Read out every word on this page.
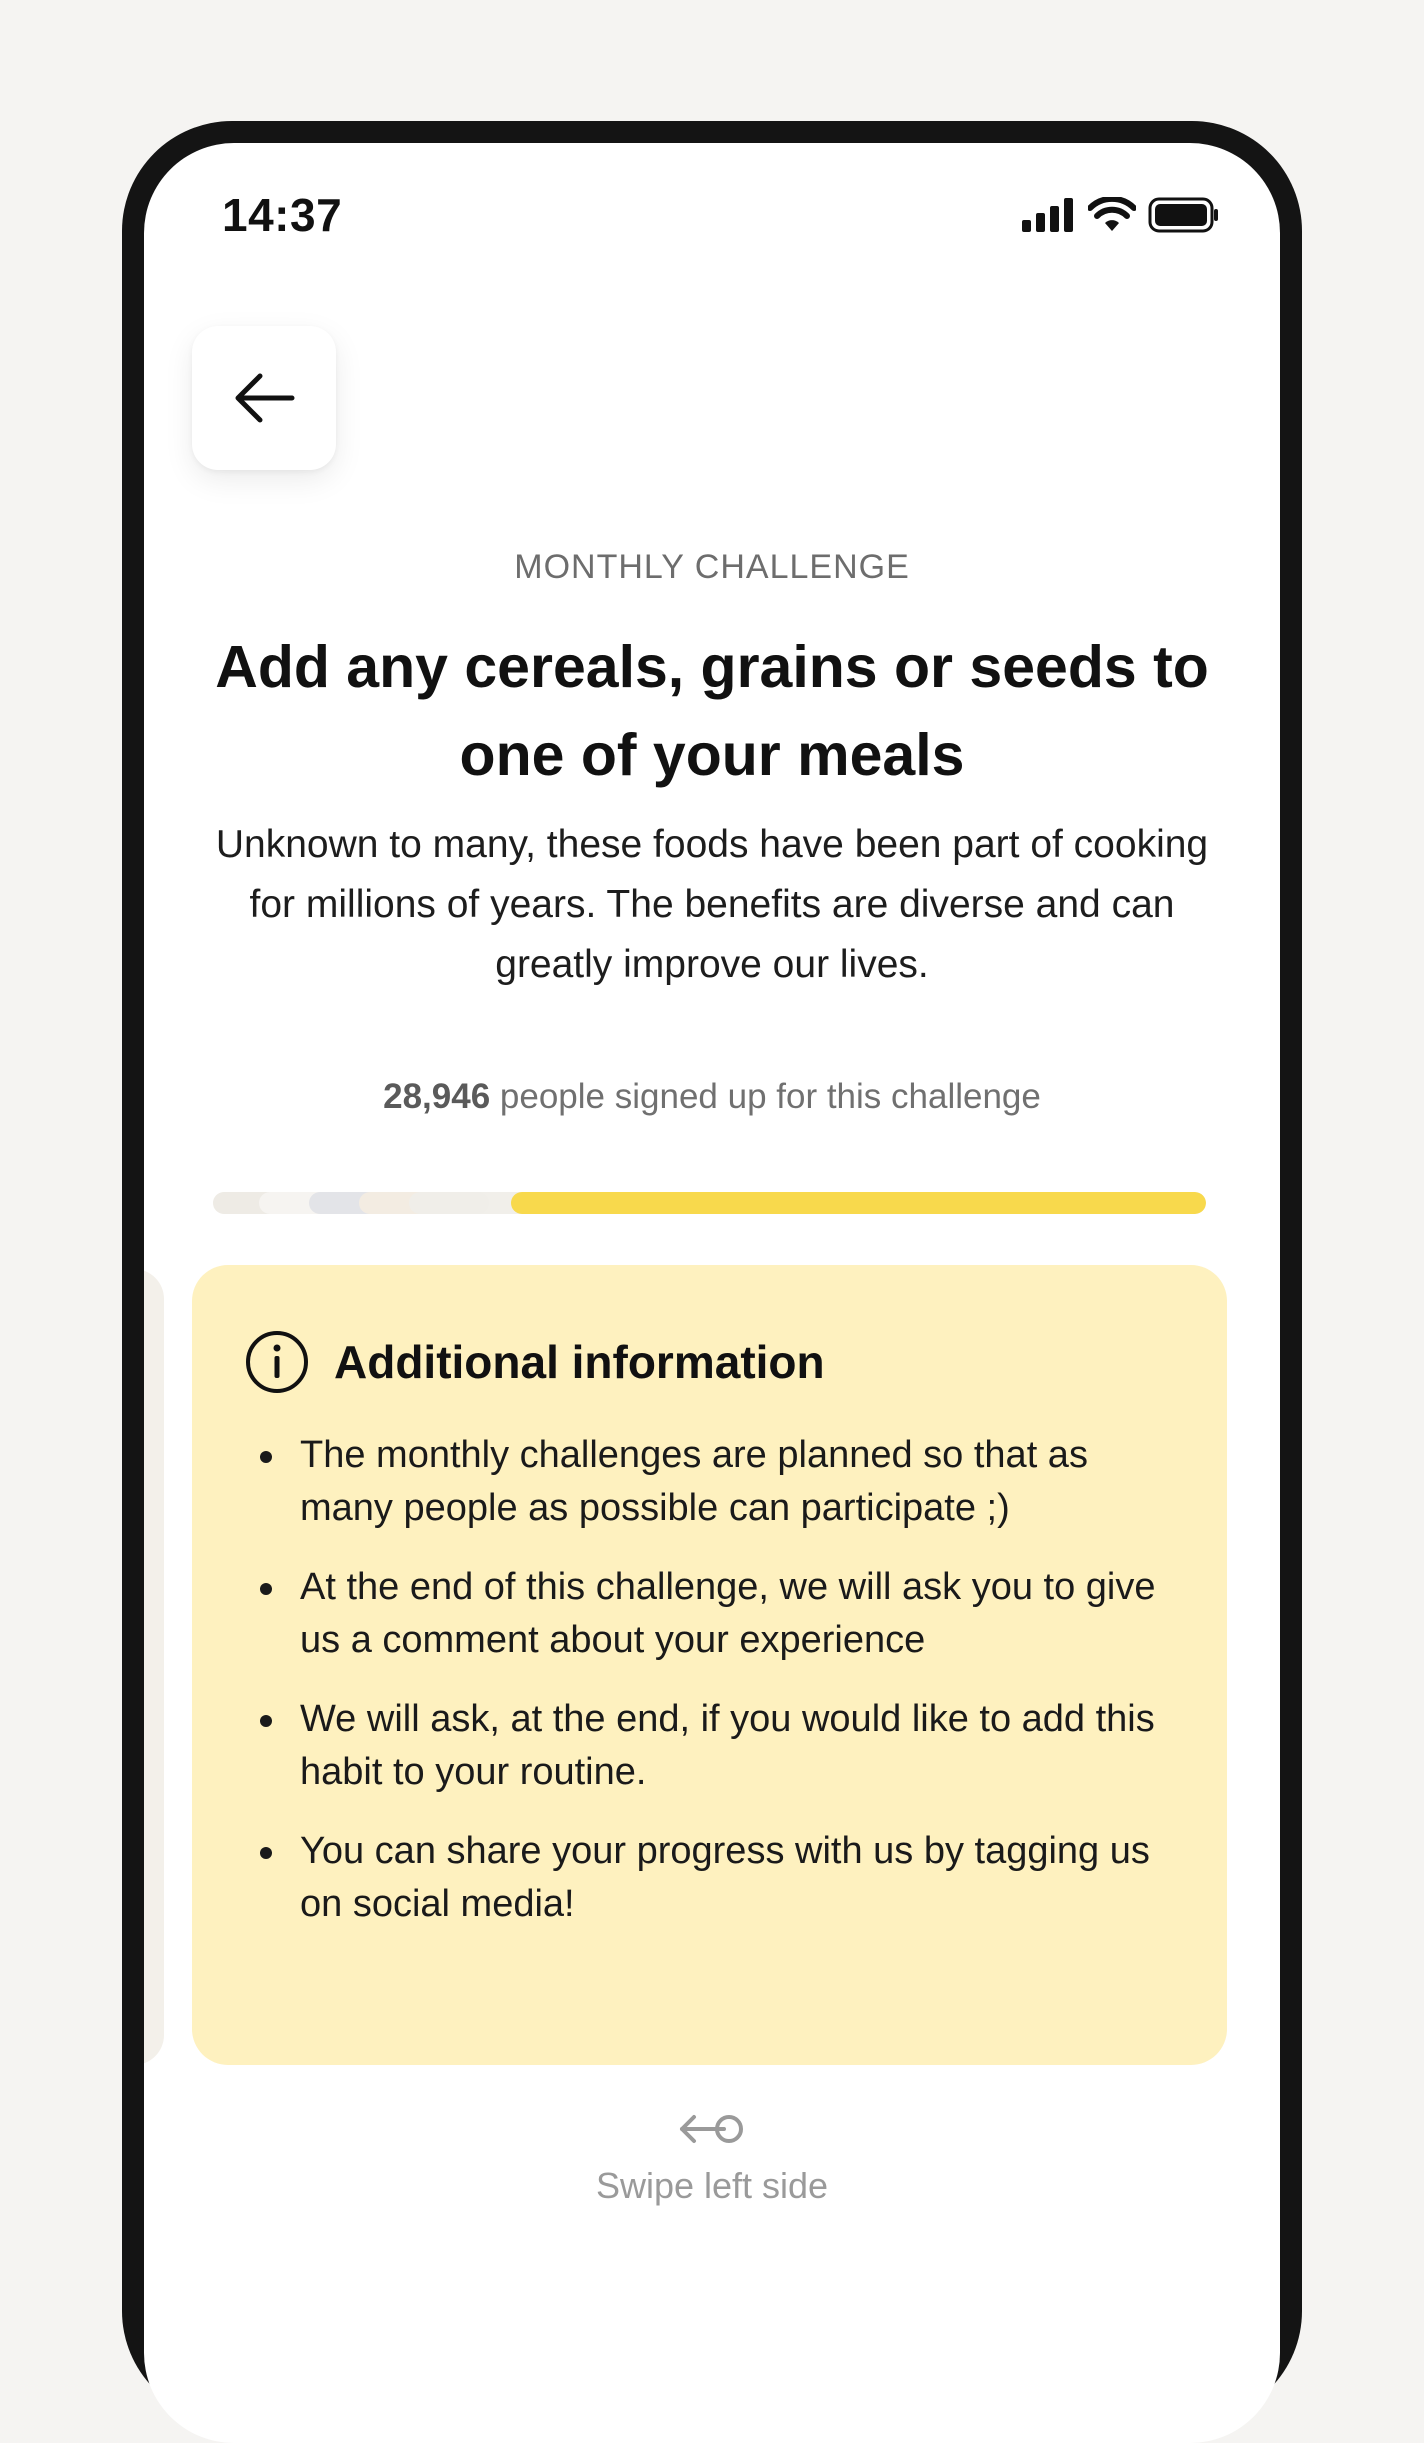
14:37
MONTHLY CHALLENGE
Add any cereals, grains or seeds to one of your meals

Unknown to many, these foods have been part of cooking for millions of years. The benefits are diverse and can greatly improve our lives.

28,946 people signed up for this challenge
Additional information
The monthly challenges are planned so that as many people as possible can participate ;)
At the end of this challenge, we will ask you to give us a comment about your experience
We will ask, at the end, if you would like to add this habit to your routine.
You can share your progress with us by tagging us on social media!
Swipe left side
